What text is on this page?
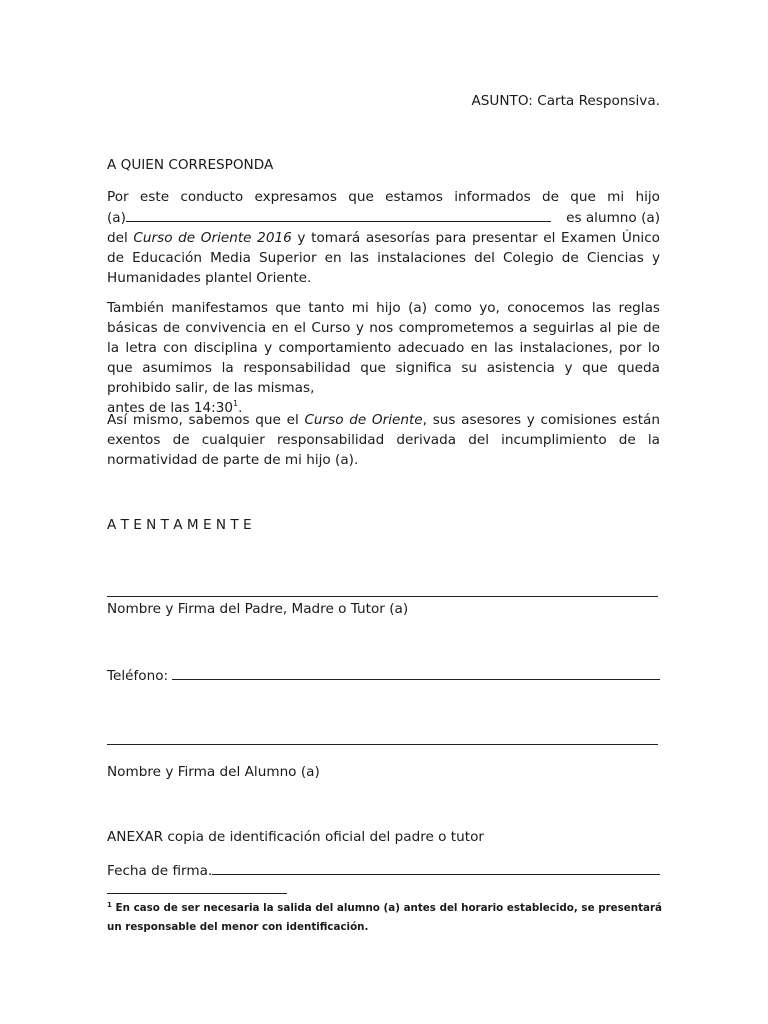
ASUNTO: Carta Responsiva.
A QUIEN CORRESPONDA

Por este conducto expresamos que estamos informados de que mi hijo

(a)	es alumno (a)

del Curso de Oriente 2016 y tomará asesorías para presentar el Examen Único de Educación Media Superior en las instalaciones del Colegio de Ciencias y Humanidades plantel Oriente.

También manifestamos que tanto mi hijo (a) como yo, conocemos las reglas básicas de convivencia en el Curso y nos comprometemos a seguirlas al pie de la letra con disciplina y comportamiento adecuado en las instalaciones, por lo que asumimos la responsabilidad que significa su asistencia y que queda prohibido salir, de las mismas,

antes de las $14:30^1$.

Así mismo, sabemos que el Curso de Oriente, sus asesores y comisiones están exentos de cualquier responsabilidad derivada del incumplimiento de la normatividad de parte de mi hijo (a).

A T E N T A M E N T E
Nombre y Firma del Padre, Madre o Tutor (a)
Teléfono:
Nombre y Firma del Alumno (a)
ANEXAR copia de identificación oficial del padre o tutor
Fecha de firma.
$^1$ En caso de ser necesaria la salida del alumno (a) antes del horario establecido, se presentará un responsable del menor con identificación.
